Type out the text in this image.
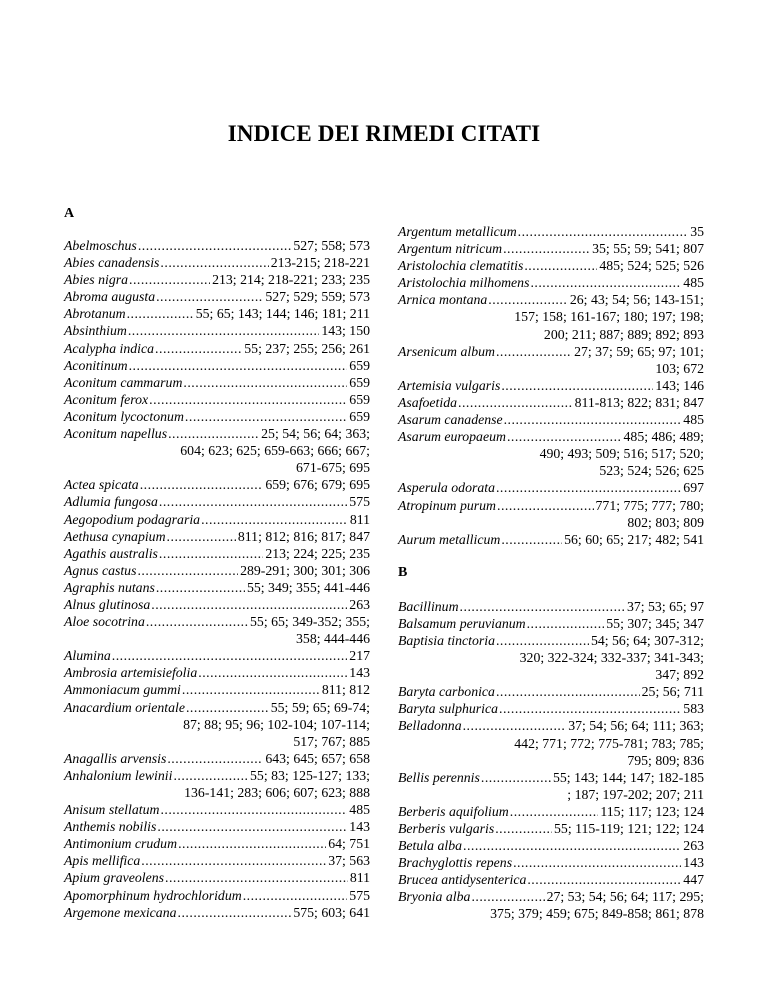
INDICE DEI RIMEDI CITATI
A
Abelmoschus .....	527; 558; 573
Abies canadensis .....	213-215; 218-221
Abies nigra .....	213; 214; 218-221; 233; 235
Abroma augusta .....	527; 529; 559; 573
Abrotanum .....	55; 65; 143; 144; 146; 181; 211
Absinthium .....	143; 150
Acalypha indica .....	55; 237; 255; 256; 261
Aconitinum .....	659
Aconitum cammarum .....	659
Aconitum ferox .....	659
Aconitum lycoctonum .....	659
Aconitum napellus .....	25; 54; 56; 64; 363;
604; 623; 625; 659-663; 666; 667;
671-675; 695
Actea spicata .....	659; 676; 679; 695
Adlumia fungosa .....	575
Aegopodium podagraria .....	811
Aethusa cynapium .....	811; 812; 816; 817; 847
Agathis australis .....	213; 224; 225; 235
Agnus castus .....	289-291; 300; 301; 306
Agraphis nutans .....	55; 349; 355; 441-446
Alnus glutinosa .....	263
Aloe socotrina .....	55; 65; 349-352; 355;
358; 444-446
Alumina .....	217
Ambrosia artemisiefolia .....	143
Ammoniacum gummi .....	811; 812
Anacardium orientale .....	55; 59; 65; 69-74;
87; 88; 95; 96; 102-104; 107-114;
517; 767; 885
Anagallis arvensis .....	643; 645; 657; 658
Anhalonium lewinii .....	55; 83; 125-127; 133;
136-141; 283; 606; 607; 623; 888
Anisum stellatum .....	485
Anthemis nobilis .....	143
Antimonium crudum .....	64; 751
Apis mellifica .....	37; 563
Apium graveolens .....	811
Apomorphinum hydrochloridum .....	575
Argemone mexicana .....	575; 603; 641
Argentum metallicum .....	35
Argentum nitricum .....	35; 55; 59; 541; 807
Aristolochia clematitis .....	485; 524; 525; 526
Aristolochia milhomens .....	485
Arnica montana .....	26; 43; 54; 56; 143-151;
157; 158; 161-167; 180; 197; 198;
200; 211; 887; 889; 892; 893
Arsenicum album .....	27; 37; 59; 65; 97; 101;
103; 672
Artemisia vulgaris .....	143; 146
Asafoetida .....	811-813; 822; 831; 847
Asarum canadense .....	485
Asarum europaeum .....	485; 486; 489;
490; 493; 509; 516; 517; 520;
523; 524; 526; 625
Asperula odorata .....	697
Atropinum purum .....	771; 775; 777; 780;
802; 803; 809
Aurum metallicum .....	56; 60; 65; 217; 482; 541
B
Bacillinum .....	37; 53; 65; 97
Balsamum peruvianum .....	55; 307; 345; 347
Baptisia tinctoria .....	54; 56; 64; 307-312;
320; 322-324; 332-337; 341-343;
347; 892
Baryta carbonica .....	25; 56; 711
Baryta sulphurica .....	583
Belladonna .....	37; 54; 56; 64; 111; 363;
442; 771; 772; 775-781; 783; 785;
795; 809; 836
Bellis perennis .....	55; 143; 144; 147; 182-185
; 187; 197-202; 207; 211
Berberis aquifolium .....	115; 117; 123; 124
Berberis vulgaris .....	55; 115-119; 121; 122; 124
Betula alba .....	263
Brachyglottis repens .....	143
Brucea antidysenterica .....	447
Bryonia alba .....	27; 53; 54; 56; 64; 117; 295;
375; 379; 459; 675; 849-858; 861; 878
